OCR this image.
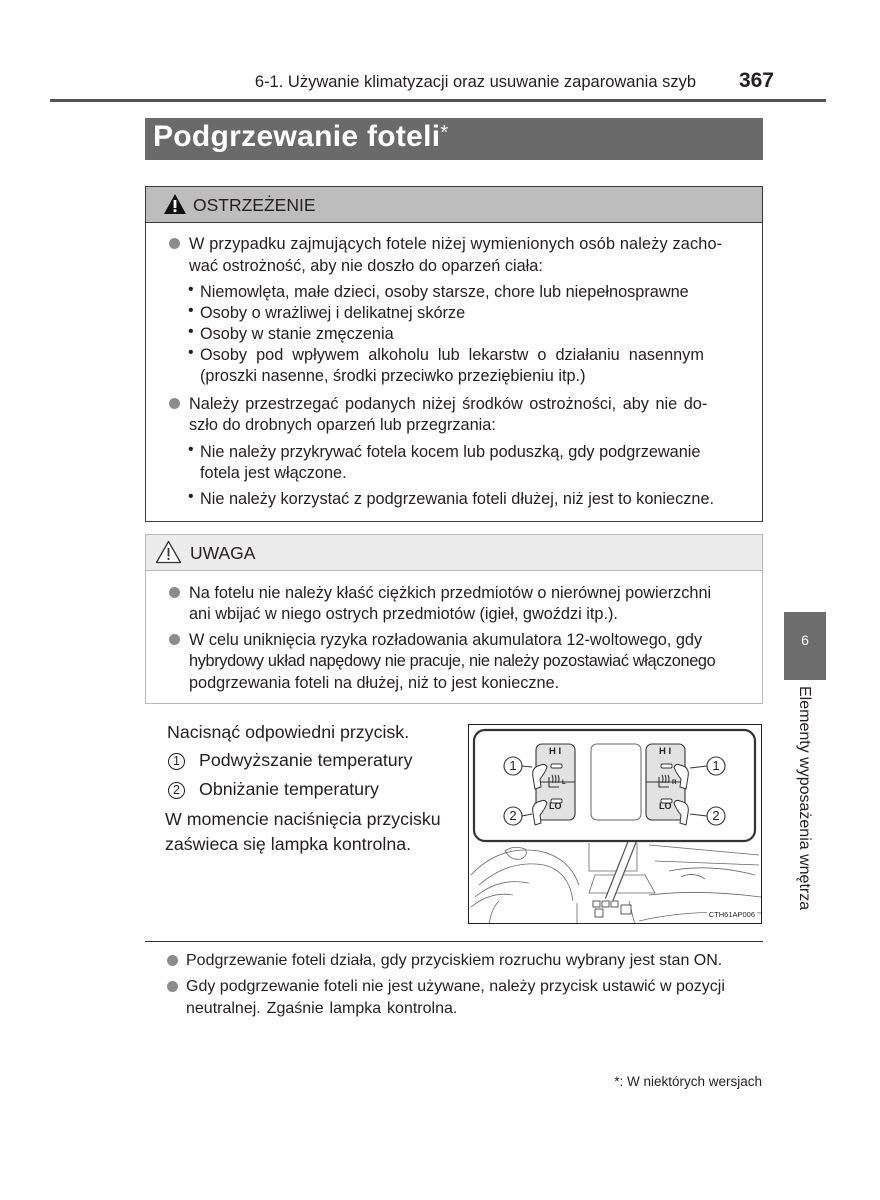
6-1. Używanie klimatyzacji oraz usuwanie zaparowania szyb 367
Podgrzewanie foteli*
OSTRZEŻENIE
W przypadku zajmujących fotele niżej wymienionych osób należy zacho-
wać ostrożność, aby nie doszło do oparzeń ciała:
• Niemowlęta, małe dzieci, osoby starsze, chore lub niepełnosprawne
• Osoby o wrażliwej i delikatnej skórze
• Osoby w stanie zmęczenia
• Osoby pod wpływem alkoholu lub lekarstw o działaniu nasennym
(proszki nasenne, środki przeciwko przeziębieniu itp.)
Należy przestrzegać podanych niżej środków ostrożności, aby nie do-
szło do drobnych oparzeń lub przegrzania:
• Nie należy przykrywać fotela kocem lub poduszką, gdy podgrzewanie
fotela jest włączone.
• Nie należy korzystać z podgrzewania foteli dłużej, niż jest to konieczne.
UWAGA
Na fotelu nie należy kłaść ciężkich przedmiotów o nierównej powierzchni
ani wbijać w niego ostrych przedmiotów (igieł, gwoździ itp.).
W celu uniknięcia ryzyka rozładowania akumulatora 12-woltowego, gdy
hybrydowy układ napędowy nie pracuje, nie należy pozostawiać włączonego
podgrzewania foteli na dłużej, niż to jest konieczne.
Nacisnąć odpowiedni przycisk.
1 Podwyższanie temperatury
2 Obniżanie temperatury
W momencie naciśnięcia przycisku
zaświeca się lampka kontrolna.
H I
LO
L
H I
LO
R
1
2
1
2
CTH61AP006
Podgrzewanie foteli działa, gdy przyciskiem rozruchu wybrany jest stan ON.
Gdy podgrzewanie foteli nie jest używane, należy przycisk ustawić w pozycji
neutralnej. Zgaśnie lampka kontrolna.
6
Elementy wyposażenia wnętrza
*: W niektórych wersjach
